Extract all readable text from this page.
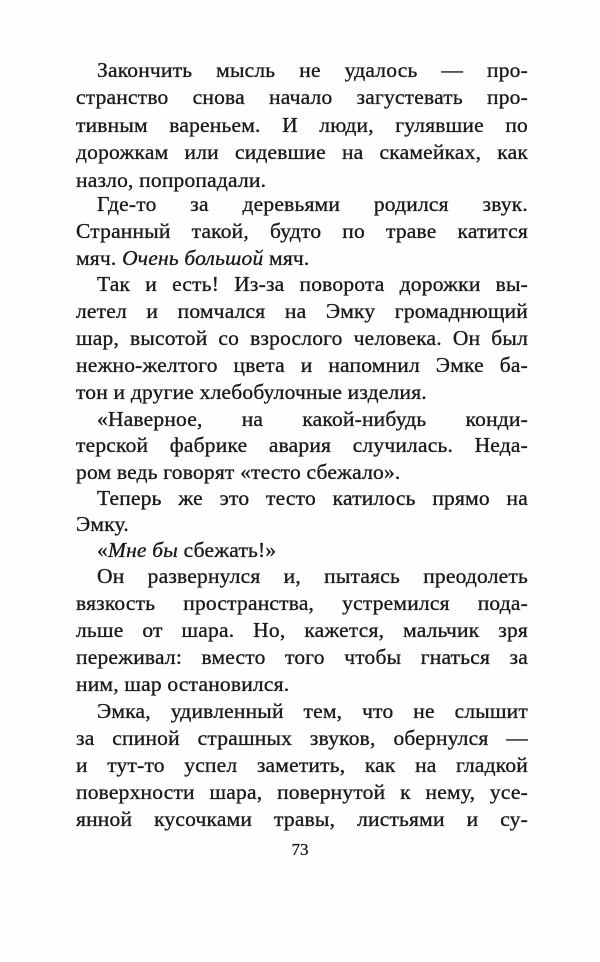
Закончить мысль не удалось — про-
странство снова начало загустевать про-
тивным вареньем. И люди, гулявшие по
дорожкам или сидевшие на скамейках, как
назло, попропадали.
Где-то за деревьями родился звук.
Странный такой, будто по траве катится
мяч. Очень большой мяч.
Так и есть! Из-за поворота дорожки вы-
летел и помчался на Эмку громаднющий
шар, высотой со взрослого человека. Он был
нежно-желтого цвета и напомнил Эмке ба-
тон и другие хлебобулочные изделия.
«Наверное, на какой-нибудь конди-
терской фабрике авария случилась. Неда-
ром ведь говорят «тесто сбежало».
Теперь же это тесто катилось прямо на
Эмку.
«Мне бы сбежать!»
Он развернулся и, пытаясь преодолеть
вязкость пространства, устремился пода-
льше от шара. Но, кажется, мальчик зря
переживал: вместо того чтобы гнаться за
ним, шар остановился.
Эмка, удивленный тем, что не слышит
за спиной страшных звуков, обернулся —
и тут-то успел заметить, как на гладкой
поверхности шара, повернутой к нему, усе-
янной кусочками травы, листьями и су-
73
